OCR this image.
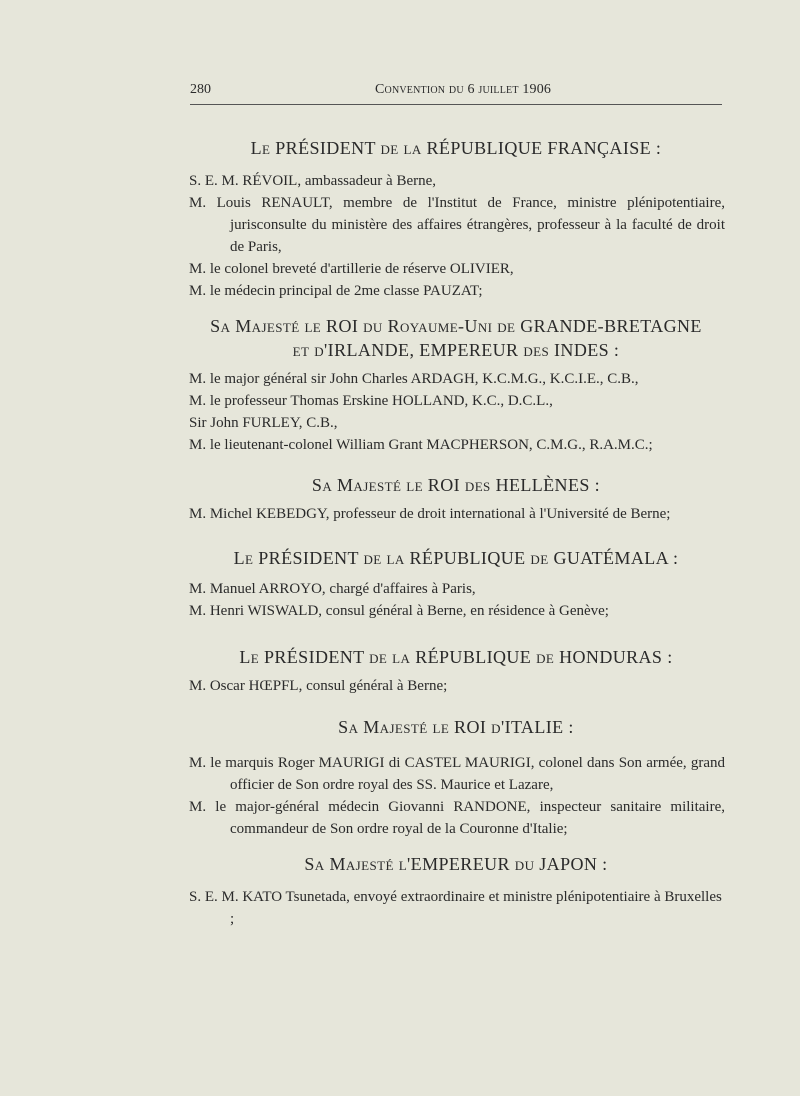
280	Convention du 6 juillet 1906
Le PRÉSIDENT de la RÉPUBLIQUE FRANÇAISE :

S. E. M. RÉVOIL, ambassadeur à Berne,

M. Louis RENAULT, membre de l'Institut de France, ministre plénipotentiaire, jurisconsulte du ministère des affaires étrangères, professeur à la faculté de droit de Paris,

M. le colonel breveté d'artillerie de réserve OLIVIER,

M. le médecin principal de 2me classe PAUZAT;

Sa Majesté le ROI du Royaume-Uni de GRANDE-BRETAGNE
et d'IRLANDE, EMPEREUR des INDES :

M. le major général sir John Charles ARDAGH, K.C.M.G., K.C.I.E., C.B.,

M. le professeur Thomas Erskine HOLLAND, K.C., D.C.L.,

Sir John FURLEY, C.B.,

M. le lieutenant-colonel William Grant MACPHERSON, C.M.G., R.A.M.C.;

Sa Majesté le ROI des HELLÈNES :

M. Michel KEBEDGY, professeur de droit international à l'Université de Berne;

Le PRÉSIDENT de la RÉPUBLIQUE de GUATÉMALA :

M. Manuel ARROYO, chargé d'affaires à Paris,

M. Henri WISWALD, consul général à Berne, en résidence à Genève;

Le PRÉSIDENT de la RÉPUBLIQUE de HONDURAS :

M. Oscar HŒPFL, consul général à Berne;

Sa Majesté le ROI d'ITALIE :

M. le marquis Roger MAURIGI di CASTEL MAURIGI, colonel dans Son armée, grand officier de Son ordre royal des SS. Maurice et Lazare,

M. le major-général médecin Giovanni RANDONE, inspecteur sanitaire militaire, commandeur de Son ordre royal de la Couronne d'Italie;

Sa Majesté l'EMPEREUR du JAPON :

S. E. M. KATO Tsunetada, envoyé extraordinaire et ministre plénipotentiaire à Bruxelles ;
